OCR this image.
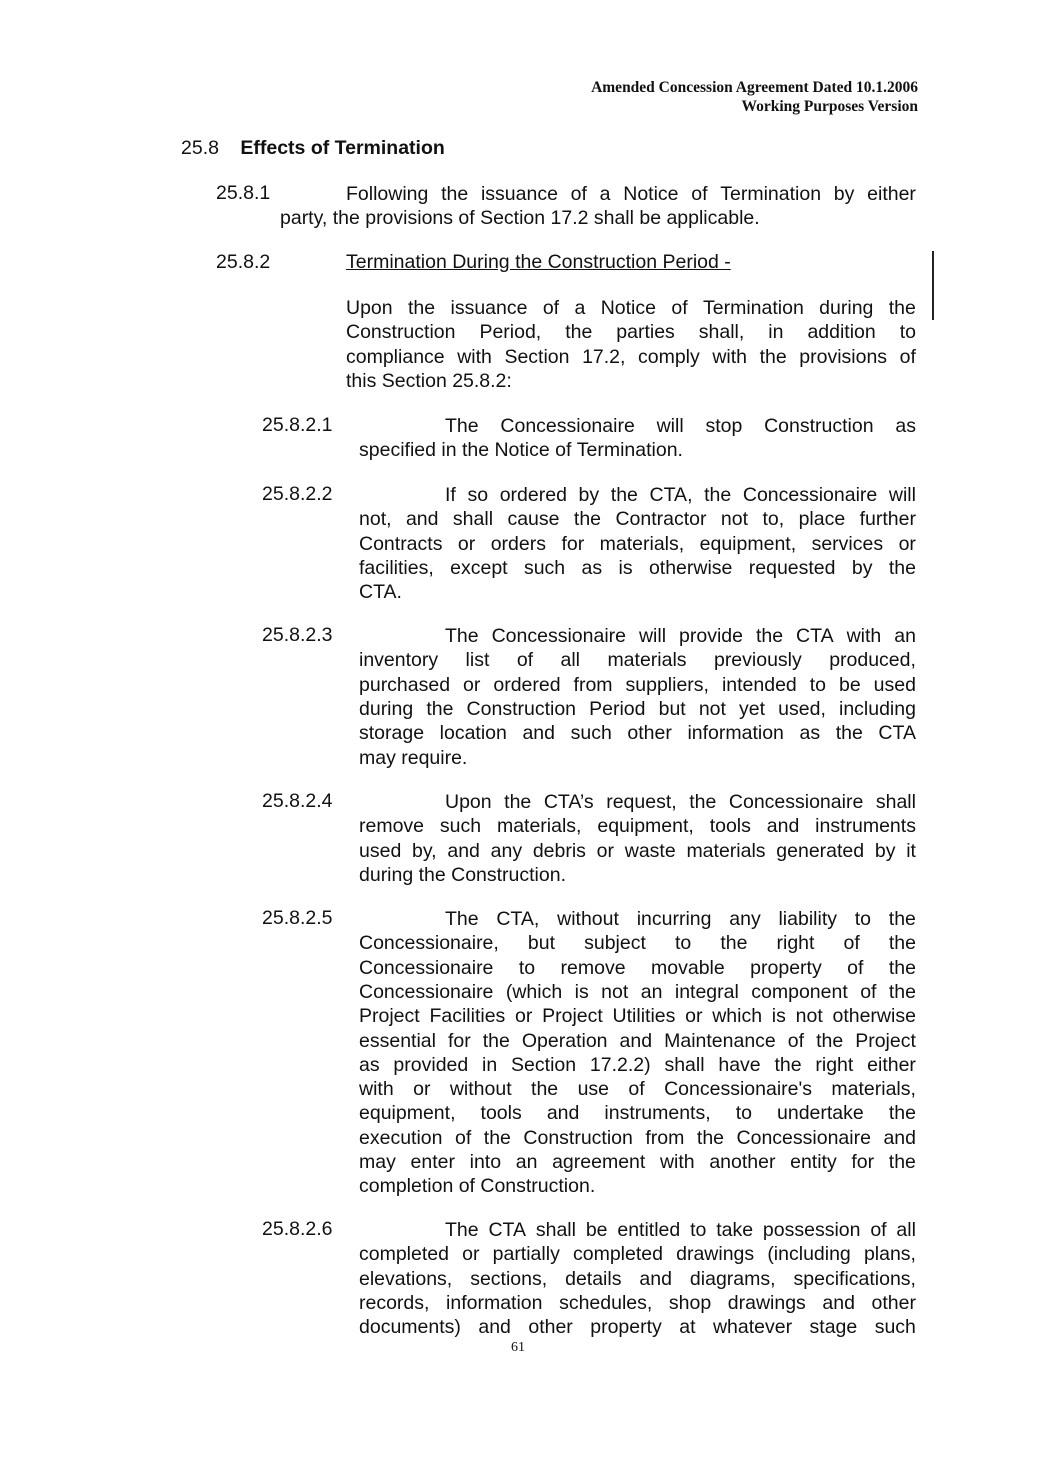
Amended Concession Agreement Dated 10.1.2006
Working Purposes Version
25.8 Effects of Termination
25.8.1	Following the issuance of a Notice of Termination by either
party, the provisions of Section 17.2 shall be applicable.
25.8.2	Termination During the Construction Period -
Upon the issuance of a Notice of Termination during the
Construction Period, the parties shall, in addition to
compliance with Section 17.2, comply with the provisions of
this Section 25.8.2:
25.8.2.1	The Concessionaire will stop Construction as
specified in the Notice of Termination.
25.8.2.2	If so ordered by the CTA, the Concessionaire will
not, and shall cause the Contractor not to, place further
Contracts or orders for materials, equipment, services or
facilities, except such as is otherwise requested by the
CTA.
25.8.2.3	The Concessionaire will provide the CTA with an
inventory list of all materials previously produced,
purchased or ordered from suppliers, intended to be used
during the Construction Period but not yet used, including
storage location and such other information as the CTA
may require.
25.8.2.4	Upon the CTA’s request, the Concessionaire shall
remove such materials, equipment, tools and instruments
used by, and any debris or waste materials generated by it
during the Construction.
25.8.2.5	The CTA, without incurring any liability to the
Concessionaire, but subject to the right of the
Concessionaire to remove movable property of the
Concessionaire (which is not an integral component of the
Project Facilities or Project Utilities or which is not otherwise
essential for the Operation and Maintenance of the Project
as provided in Section 17.2.2) shall have the right either
with or without the use of Concessionaire's materials,
equipment, tools and instruments, to undertake the
execution of the Construction from the Concessionaire and
may enter into an agreement with another entity for the
completion of Construction.
25.8.2.6	The CTA shall be entitled to take possession of all
completed or partially completed drawings (including plans,
elevations, sections, details and diagrams, specifications,
records, information schedules, shop drawings and other
documents) and other property at whatever stage such
61
